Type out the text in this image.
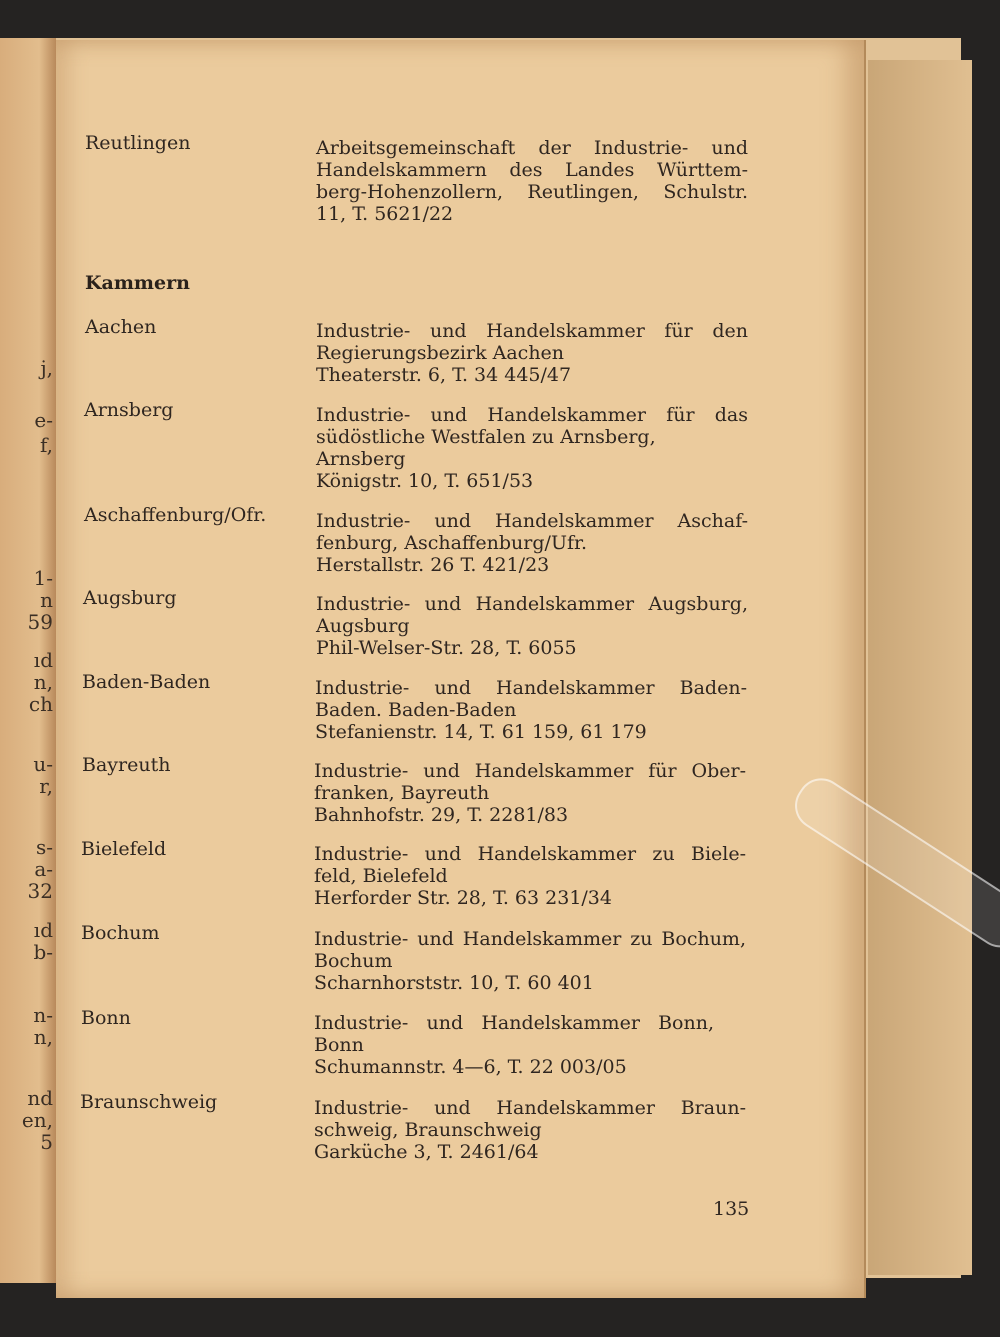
j,
e-
f,
1-
n
59
ıd
n,
ch
u-
r,
s-
a-
32
ıd
b-
n-
n,
nd
en,
5
Reutlingen	Arbeitsgemeinschaft der Industrie- und
Handelskammern des Landes Württem-
berg-Hohenzollern, Reutlingen, Schulstr.
11, T. 5621/22
Kammern
Aachen	Industrie- und Handelskammer für den
Regierungsbezirk Aachen
Theaterstr. 6, T. 34 445/47
Arnsberg	Industrie- und Handelskammer für das
südöstliche Westfalen zu Arnsberg,
Arnsberg
Königstr. 10, T. 651/53
Aschaffenburg/Ofr.	Industrie- und Handelskammer Aschaf-
fenburg, Aschaffenburg/Ufr.
Herstallstr. 26 T. 421/23
Augsburg	Industrie- und Handelskammer Augsburg,
Augsburg
Phil-Welser-Str. 28, T. 6055
Baden-Baden	Industrie- und Handelskammer Baden-
Baden. Baden-Baden
Stefanienstr. 14, T. 61 159, 61 179
Bayreuth	Industrie- und Handelskammer für Ober-
franken, Bayreuth
Bahnhofstr. 29, T. 2281/83
Bielefeld	Industrie- und Handelskammer zu Biele-
feld, Bielefeld
Herforder Str. 28, T. 63 231/34
Bochum	Industrie- und Handelskammer zu Bochum,
Bochum
Scharnhorststr. 10, T. 60 401
Bonn	Industrie- und Handelskammer Bonn,
Bonn
Schumannstr. 4—6, T. 22 003/05
Braunschweig	Industrie- und Handelskammer Braun-
schweig, Braunschweig
Garküche 3, T. 2461/64
135
